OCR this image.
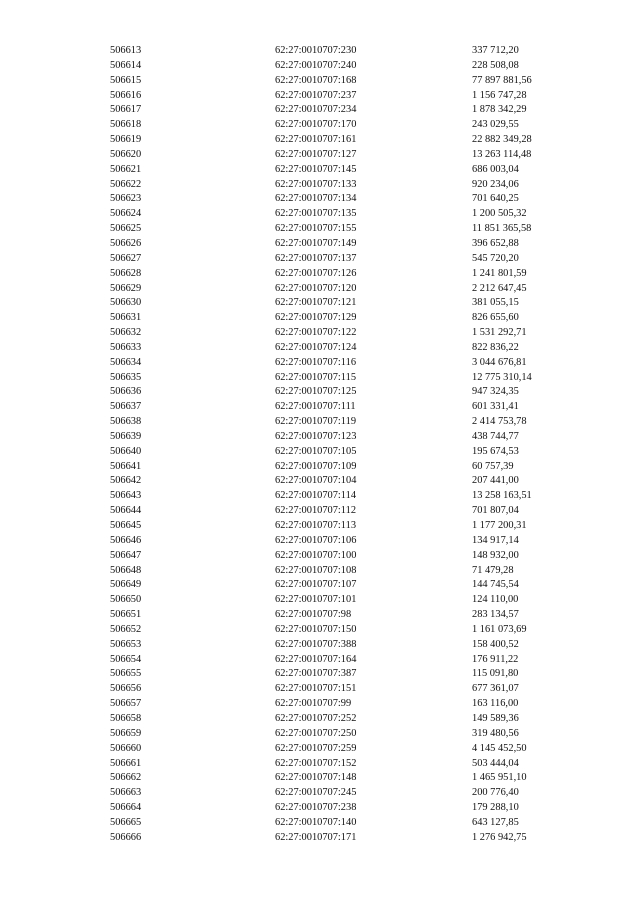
506613	62:27:0010707:230	337 712,20
506614	62:27:0010707:240	228 508,08
506615	62:27:0010707:168	77 897 881,56
506616	62:27:0010707:237	1 156 747,28
506617	62:27:0010707:234	1 878 342,29
506618	62:27:0010707:170	243 029,55
506619	62:27:0010707:161	22 882 349,28
506620	62:27:0010707:127	13 263 114,48
506621	62:27:0010707:145	686 003,04
506622	62:27:0010707:133	920 234,06
506623	62:27:0010707:134	701 640,25
506624	62:27:0010707:135	1 200 505,32
506625	62:27:0010707:155	11 851 365,58
506626	62:27:0010707:149	396 652,88
506627	62:27:0010707:137	545 720,20
506628	62:27:0010707:126	1 241 801,59
506629	62:27:0010707:120	2 212 647,45
506630	62:27:0010707:121	381 055,15
506631	62:27:0010707:129	826 655,60
506632	62:27:0010707:122	1 531 292,71
506633	62:27:0010707:124	822 836,22
506634	62:27:0010707:116	3 044 676,81
506635	62:27:0010707:115	12 775 310,14
506636	62:27:0010707:125	947 324,35
506637	62:27:0010707:111	601 331,41
506638	62:27:0010707:119	2 414 753,78
506639	62:27:0010707:123	438 744,77
506640	62:27:0010707:105	195 674,53
506641	62:27:0010707:109	60 757,39
506642	62:27:0010707:104	207 441,00
506643	62:27:0010707:114	13 258 163,51
506644	62:27:0010707:112	701 807,04
506645	62:27:0010707:113	1 177 200,31
506646	62:27:0010707:106	134 917,14
506647	62:27:0010707:100	148 932,00
506648	62:27:0010707:108	71 479,28
506649	62:27:0010707:107	144 745,54
506650	62:27:0010707:101	124 110,00
506651	62:27:0010707:98	283 134,57
506652	62:27:0010707:150	1 161 073,69
506653	62:27:0010707:388	158 400,52
506654	62:27:0010707:164	176 911,22
506655	62:27:0010707:387	115 091,80
506656	62:27:0010707:151	677 361,07
506657	62:27:0010707:99	163 116,00
506658	62:27:0010707:252	149 589,36
506659	62:27:0010707:250	319 480,56
506660	62:27:0010707:259	4 145 452,50
506661	62:27:0010707:152	503 444,04
506662	62:27:0010707:148	1 465 951,10
506663	62:27:0010707:245	200 776,40
506664	62:27:0010707:238	179 288,10
506665	62:27:0010707:140	643 127,85
506666	62:27:0010707:171	1 276 942,75
